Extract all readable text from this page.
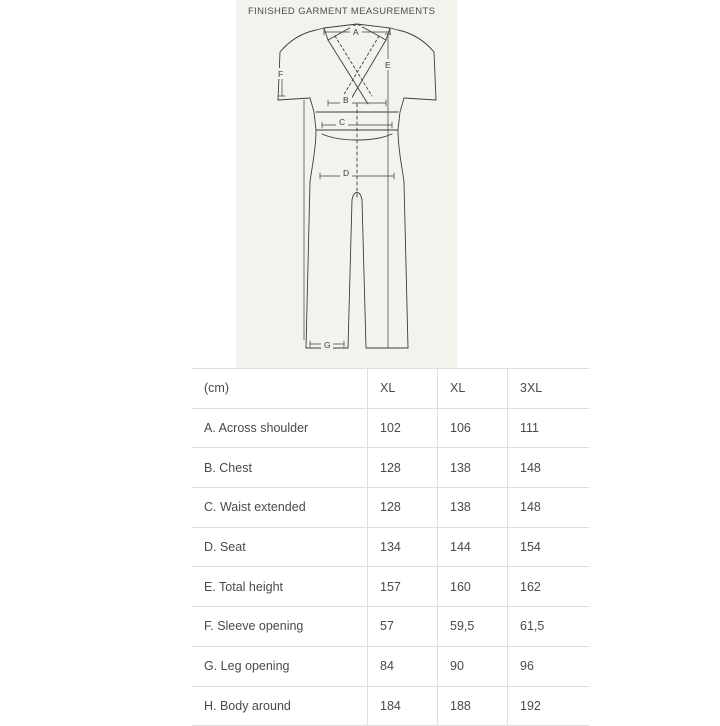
FINISHED GARMENT MEASUREMENTS
A
B
C
D
E
F
G
(cm)	XL	XL	3XL
A. Across shoulder	102	106	111
B. Chest	128	138	148
C. Waist extended	128	138	148
D. Seat	134	144	154
E. Total height	157	160	162
F. Sleeve opening	57	59,5	61,5
G. Leg opening	84	90	96
H. Body around	184	188	192
